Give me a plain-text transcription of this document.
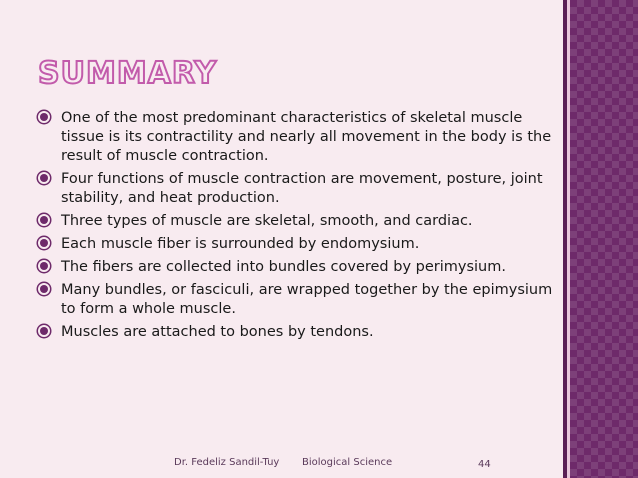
SUMMARY
One of the most predominant characteristics of skeletal muscle tissue is its contractility and nearly all movement in the body is the result of muscle contraction.
Four functions of muscle contraction are movement, posture, joint stability, and heat production.
Three types of muscle are skeletal, smooth, and cardiac.
Each muscle fiber is surrounded by endomysium.
The fibers are collected into bundles covered by perimysium.
Many bundles, or fasciculi, are wrapped together by the epimysium to form a whole muscle.
Muscles are attached to bones by tendons.
Dr. Fedeliz Sandil-Tuy Biological Science	44
